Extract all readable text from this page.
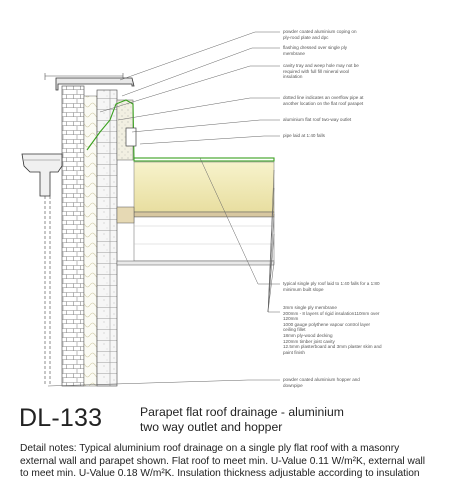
powder coated aluminium coping on
ply-rood plate and dpc
flashing dressed over single ply
membrane
cavity tray and weep hole may not be
required with full fill mineral wool
insulation
dotted line indicates an overflow pipe at
another location on the flat roof parapet
aluminium flat roof two-way outlet
pipe laid at 1:40 falls
typical single ply roof laid to 1:40 falls for a 1:80
minimum built slope
3mm single ply membrane
200mm - 8 layers of rigid insulation110mm over
120mm
1000 gauge polythene vapour control layer
ceiling fillet
18mm ply-wood decking
120mm timber joist cavity
12.5mm plasterboard and 3mm plaster skim and
paint finish
powder coated aluminium hopper and
downpipe
DL-133	Parapet flat roof drainage - aluminium
two way outlet and hopper
Detail notes: Typical aluminium roof drainage on a single ply flat roof with a masonry
external wall and parapet shown. Flat roof to meet min. U-Value 0.11 W/m²K, external wall
to meet min. U-Value 0.18 W/m²K. Insulation thickness adjustable according to insulation
